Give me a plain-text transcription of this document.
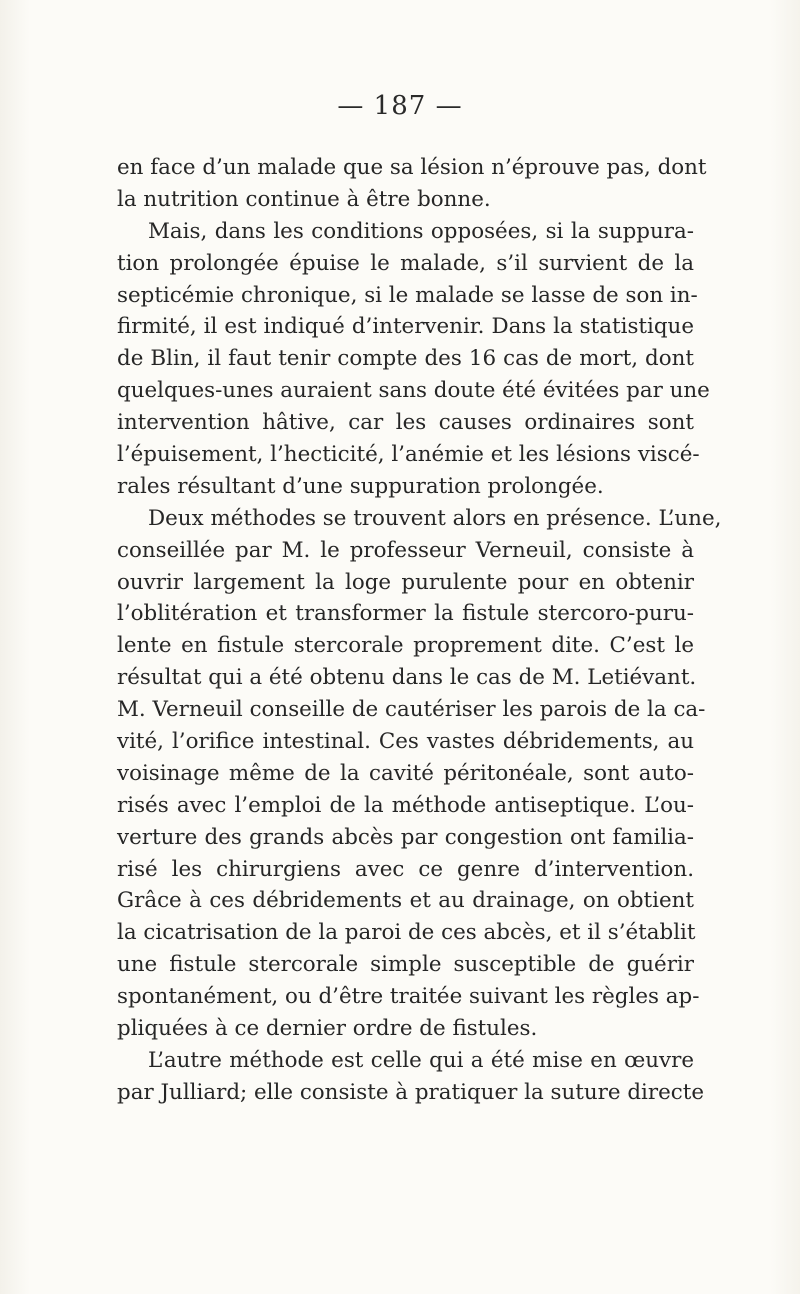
— 187 —
en face d’un malade que sa lésion n’éprouve pas, dont
la nutrition continue à être bonne.
Mais, dans les conditions opposées, si la suppura-
tion prolongée épuise le malade, s’il survient de la
septicémie chronique, si le malade se lasse de son in-
firmité, il est indiqué d’intervenir. Dans la statistique
de Blin, il faut tenir compte des 16 cas de mort, dont
quelques-unes auraient sans doute été évitées par une
intervention hâtive, car les causes ordinaires sont
l’épuisement, l’hecticité, l’anémie et les lésions viscé-
rales résultant d’une suppuration prolongée.
Deux méthodes se trouvent alors en présence. L’une,
conseillée par M. le professeur Verneuil, consiste à
ouvrir largement la loge purulente pour en obtenir
l’oblitération et transformer la fistule stercoro-puru-
lente en fistule stercorale proprement dite. C’est le
résultat qui a été obtenu dans le cas de M. Letiévant.
M. Verneuil conseille de cautériser les parois de la ca-
vité, l’orifice intestinal. Ces vastes débridements, au
voisinage même de la cavité péritonéale, sont auto-
risés avec l’emploi de la méthode antiseptique. L’ou-
verture des grands abcès par congestion ont familia-
risé les chirurgiens avec ce genre d’intervention.
Grâce à ces débridements et au drainage, on obtient
la cicatrisation de la paroi de ces abcès, et il s’établit
une fistule stercorale simple susceptible de guérir
spontanément, ou d’être traitée suivant les règles ap-
pliquées à ce dernier ordre de fistules.
L’autre méthode est celle qui a été mise en œuvre
par Julliard; elle consiste à pratiquer la suture directe
